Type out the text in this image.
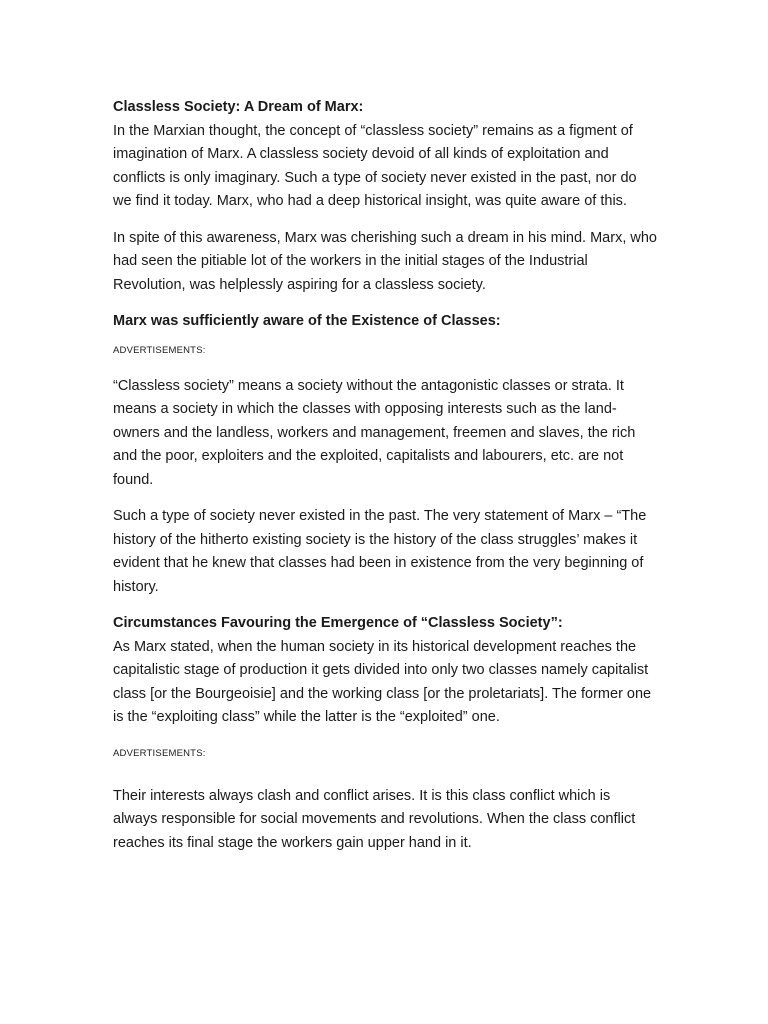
Classless Society: A Dream of Marx:

In the Marxian thought, the concept of “classless society” remains as a figment of imagination of Marx. A classless society devoid of all kinds of exploitation and conflicts is only imaginary. Such a type of society never existed in the past, nor do we find it today. Marx, who had a deep historical insight, was quite aware of this.

In spite of this awareness, Marx was cherishing such a dream in his mind. Marx, who had seen the pitiable lot of the workers in the initial stages of the Industrial Revolution, was helplessly aspiring for a classless society.

Marx was sufficiently aware of the Existence of Classes:

ADVERTISEMENTS:

“Classless society” means a society without the antagonistic classes or strata. It means a society in which the classes with opposing interests such as the land-owners and the landless, workers and management, freemen and slaves, the rich and the poor, exploiters and the exploited, capitalists and labourers, etc. are not found.

Such a type of society never existed in the past. The very statement of Marx – “The history of the hitherto existing society is the history of the class struggles’ makes it evident that he knew that classes had been in existence from the very beginning of history.

Circumstances Favouring the Emergence of “Classless Society”:

As Marx stated, when the human society in its historical development reaches the capitalistic stage of production it gets divided into only two classes namely capitalist class [or the Bourgeoisie] and the working class [or the proletariats]. The former one is the “exploiting class” while the latter is the “exploited” one.

ADVERTISEMENTS:

Their interests always clash and conflict arises. It is this class conflict which is always responsible for social movements and revolutions. When the class conflict reaches its final stage the workers gain upper hand in it.
